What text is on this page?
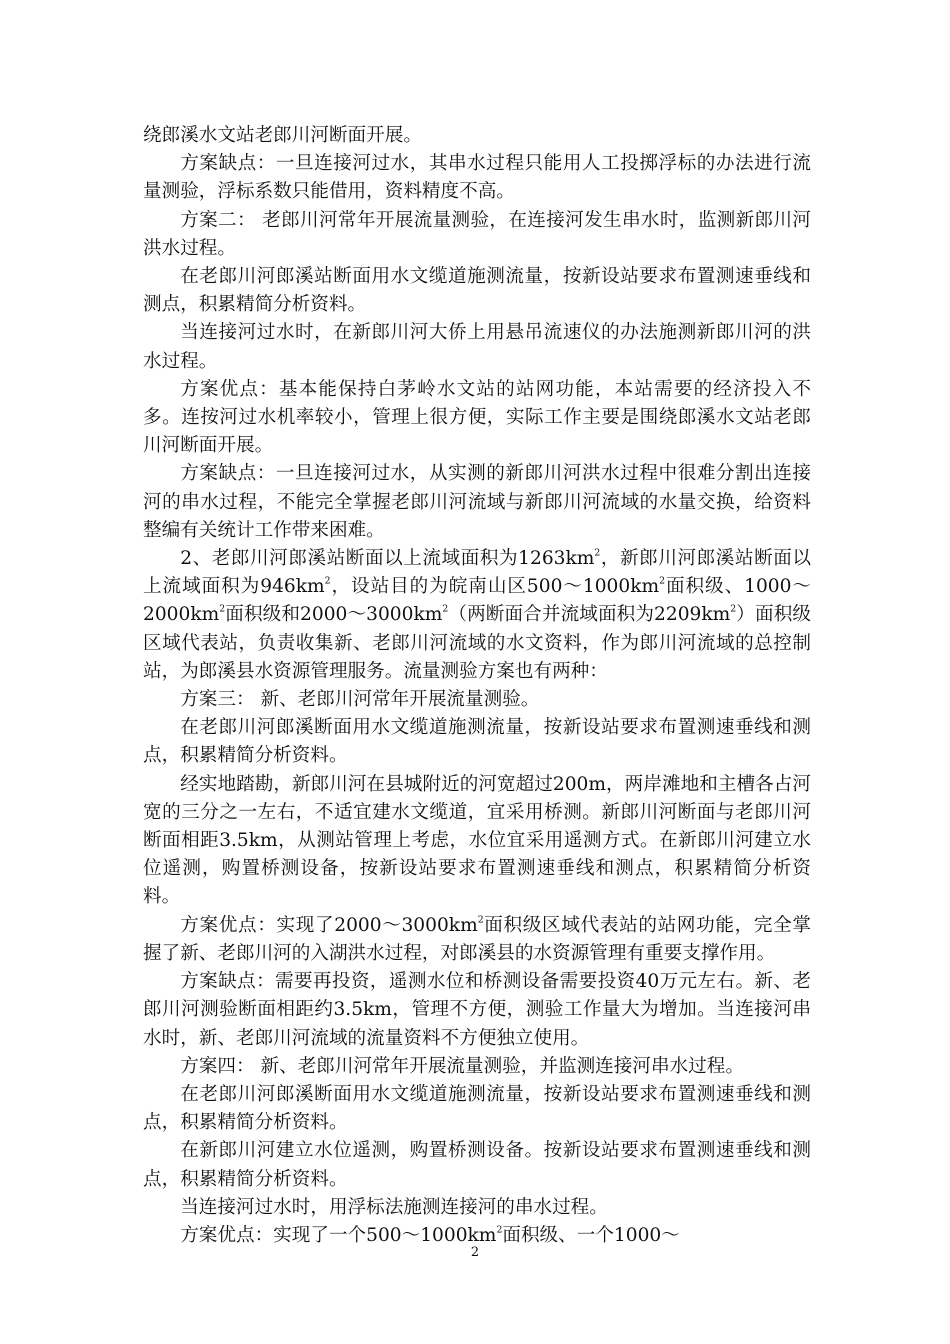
绕郎溪水文站老郎川河断面开展。

方案缺点：一旦连接河过水，其串水过程只能用人工投掷浮标的办法进行流量测验，浮标系数只能借用，资料精度不高。

方案二： 老郎川河常年开展流量测验，在连接河发生串水时，监测新郎川河洪水过程。

在老郎川河郎溪站断面用水文缆道施测流量，按新设站要求布置测速垂线和测点，积累精简分析资料。

当连接河过水时，在新郎川河大侨上用悬吊流速仪的办法施测新郎川河的洪水过程。

方案优点：基本能保持白茅岭水文站的站网功能，本站需要的经济投入不多。连按河过水机率较小，管理上很方便，实际工作主要是围绕郎溪水文站老郎川河断面开展。

方案缺点：一旦连接河过水，从实测的新郎川河洪水过程中很难分割出连接河的串水过程，不能完全掌握老郎川河流域与新郎川河流域的水量交换，给资料整编有关统计工作带来困难。

2、老郎川河郎溪站断面以上流域面积为$1263km^2$，新郎川河郎溪站断面以上流域面积为$946km^2$，设站目的为皖南山区$500\sim 1000km^2$面积级、$1000\sim 2000km^2$面积级和$2000\sim 3000km^2$（两断面合并流域面积为$2209km^2$）面积级区域代表站，负责收集新、老郎川河流域的水文资料，作为郎川河流域的总控制站，为郎溪县水资源管理服务。流量测验方案也有两种：

方案三： 新、老郎川河常年开展流量测验。

在老郎川河郎溪断面用水文缆道施测流量，按新设站要求布置测速垂线和测点，积累精简分析资料。

经实地踏勘，新郎川河在县城附近的河宽超过200m，两岸滩地和主槽各占河宽的三分之一左右，不适宜建水文缆道，宜采用桥测。新郎川河断面与老郎川河断面相距3.5km，从测站管理上考虑，水位宜采用遥测方式。在新郎川河建立水位遥测，购置桥测设备，按新设站要求布置测速垂线和测点，积累精简分析资料。

方案优点：实现了$2000\sim 3000km^2$面积级区域代表站的站网功能，完全掌握了新、老郎川河的入湖洪水过程，对郎溪县的水资源管理有重要支撑作用。

方案缺点：需要再投资，遥测水位和桥测设备需要投资40万元左右。新、老郎川河测验断面相距约3.5km，管理不方便，测验工作量大为增加。当连接河串水时，新、老郎川河流域的流量资料不方便独立使用。

方案四： 新、老郎川河常年开展流量测验，并监测连接河串水过程。

在老郎川河郎溪断面用水文缆道施测流量，按新设站要求布置测速垂线和测点，积累精简分析资料。

在新郎川河建立水位遥测，购置桥测设备。按新设站要求布置测速垂线和测点，积累精简分析资料。

当连接河过水时，用浮标法施测连接河的串水过程。

方案优点：实现了一个$500\sim 1000km^2$面积级、一个1000～

2
